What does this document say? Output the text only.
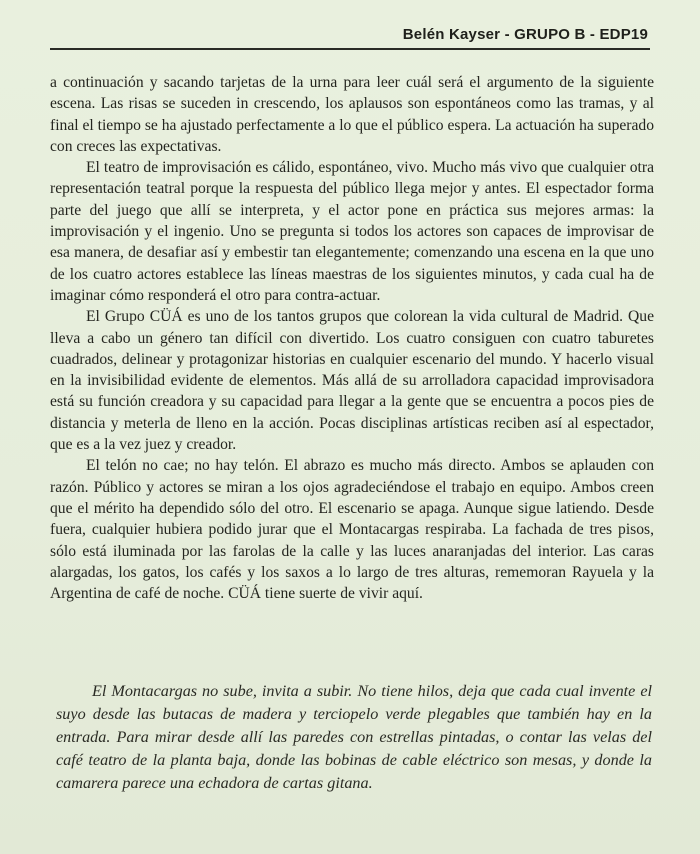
Belén Kayser - GRUPO B - EDP19

a continuación y sacando tarjetas de la urna para leer cuál será el argumento de la siguiente escena. Las risas se suceden in crescendo, los aplausos son espontáneos como las tramas, y al final el tiempo se ha ajustado perfectamente a lo que el público espera. La actuación ha superado con creces las expectativas.

El teatro de improvisación es cálido, espontáneo, vivo. Mucho más vivo que cualquier otra representación teatral porque la respuesta del público llega mejor y antes. El espectador forma parte del juego que allí se interpreta, y el actor pone en práctica sus mejores armas: la improvisación y el ingenio. Uno se pregunta si todos los actores son capaces de improvisar de esa manera, de desafiar así y embestir tan elegantemente; comenzando una escena en la que uno de los cuatro actores establece las líneas maestras de los siguientes minutos, y cada cual ha de imaginar cómo responderá el otro para contra-actuar.

El Grupo CÜÁ es uno de los tantos grupos que colorean la vida cultural de Madrid. Que lleva a cabo un género tan difícil con divertido. Los cuatro consiguen con cuatro taburetes cuadrados, delinear y protagonizar historias en cualquier escenario del mundo. Y hacerlo visual en la invisibilidad evidente de elementos. Más allá de su arrolladora capacidad improvisadora está su función creadora y su capacidad para llegar a la gente que se encuentra a pocos pies de distancia y meterla de lleno en la acción. Pocas disciplinas artísticas reciben así al espectador, que es a la vez juez y creador.

El telón no cae; no hay telón. El abrazo es mucho más directo. Ambos se aplauden con razón. Público y actores se miran a los ojos agradeciéndose el trabajo en equipo. Ambos creen que el mérito ha dependido sólo del otro. El escenario se apaga. Aunque sigue latiendo. Desde fuera, cualquier hubiera podido jurar que el Montacargas respiraba. La fachada de tres pisos, sólo está iluminada por las farolas de la calle y las luces anaranjadas del interior. Las caras alargadas, los gatos, los cafés y los saxos a lo largo de tres alturas, rememoran Rayuela y la Argentina de café de noche. CÜÁ tiene suerte de vivir aquí.

El Montacargas no sube, invita a subir. No tiene hilos, deja que cada cual invente el suyo desde las butacas de madera y terciopelo verde plegables que también hay en la entrada. Para mirar desde allí las paredes con estrellas pintadas, o contar las velas del café teatro de la planta baja, donde las bobinas de cable eléctrico son mesas, y donde la camarera parece una echadora de cartas gitana.
